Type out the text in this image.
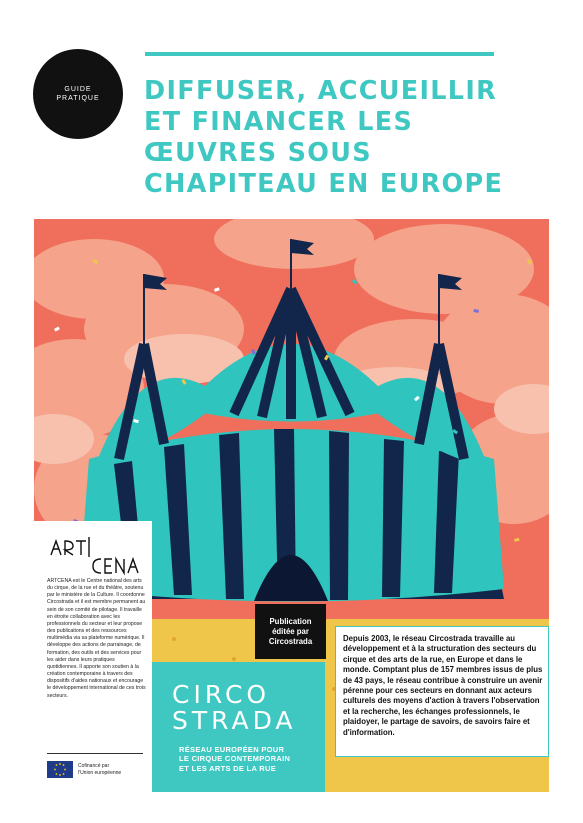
GUIDE
PRATIQUE DIFFUSER, ACCUEILLIR
ET FINANCER LES
ŒUVRES SOUS
CHAPITEAU EN EUROPE

ARTCENA est le Centre national des arts du cirque, de la rue et du théâtre, soutenu par le ministère de la Culture. Il coordonne Circostrada et il est membre permanent au sein de son comité de pilotage. Il travaille en étroite collaboration avec les professionnels du secteur et leur propose des publications et des ressources multimédia via sa plateforme numérique. Il développe des actions de parrainage, de formation, des outils et des services pour les aider dans leurs pratiques quotidiennes. Il apporte son soutien à la création contemporaine à travers des dispositifs d'aides nationaux et encourage le développement international de ces trois secteurs.

Cofinancé par
l'Union européenne
Publication
éditée par
Circostrada
CIRCO
STRADA

RÉSEAU EUROPÉEN POUR
LE CIRQUE CONTEMPORAIN
ET LES ARTS DE LA RUE

Depuis 2003, le réseau Circostrada travaille au développement et à la structuration des secteurs du cirque et des arts de la rue, en Europe et dans le monde. Comptant plus de 157 membres issus de plus de 43 pays, le réseau contribue à construire un avenir pérenne pour ces secteurs en donnant aux acteurs culturels des moyens d'action à travers l'observation et la recherche, les échanges professionnels, le plaidoyer, le partage de savoirs, de savoirs faire et d'information.
